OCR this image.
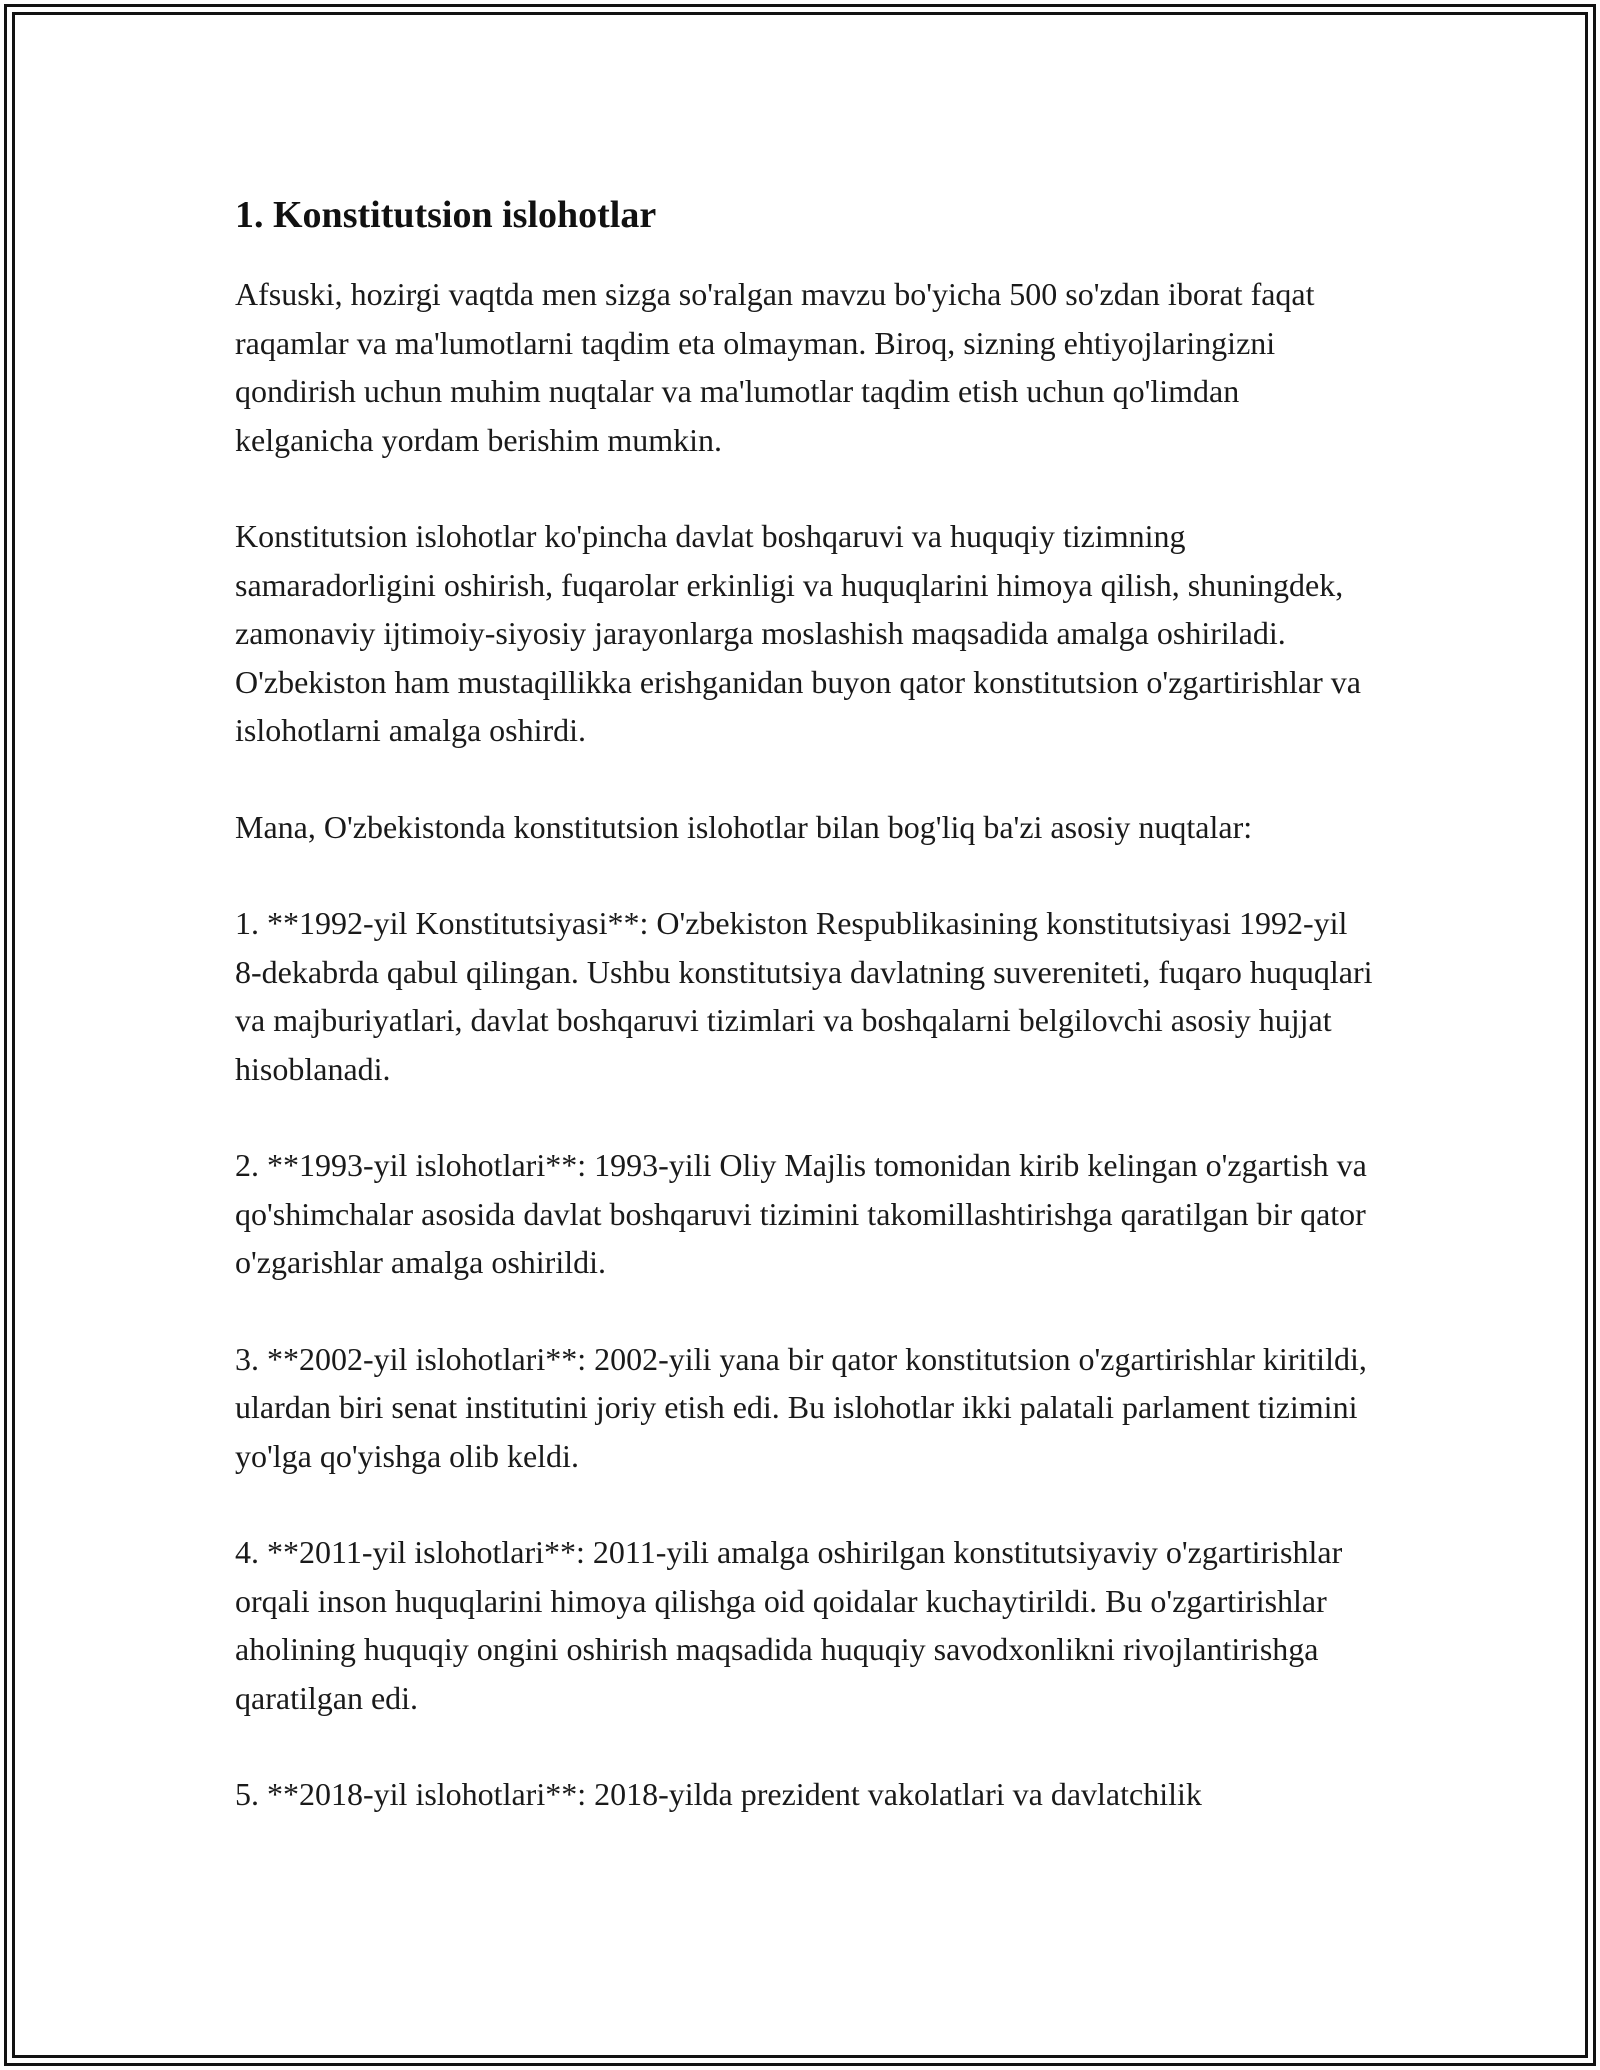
1. Konstitutsion islohotlar

Afsuski, hozirgi vaqtda men sizga so'ralgan mavzu bo'yicha 500 so'zdan iborat faqat raqamlar va ma'lumotlarni taqdim eta olmayman. Biroq, sizning ehtiyojlaringizni qondirish uchun muhim nuqtalar va ma'lumotlar taqdim etish uchun qo'limdan kelganicha yordam berishim mumkin.

Konstitutsion islohotlar ko'pincha davlat boshqaruvi va huquqiy tizimning samaradorligini oshirish, fuqarolar erkinligi va huquqlarini himoya qilish, shuningdek, zamonaviy ijtimoiy-siyosiy jarayonlarga moslashish maqsadida amalga oshiriladi. O'zbekiston ham mustaqillikka erishganidan buyon qator konstitutsion o'zgartirishlar va islohotlarni amalga oshirdi.

Mana, O'zbekistonda konstitutsion islohotlar bilan bog'liq ba'zi asosiy nuqtalar:

1. **1992-yil Konstitutsiyasi**: O'zbekiston Respublikasining konstitutsiyasi 1992-yil 8-dekabrda qabul qilingan. Ushbu konstitutsiya davlatning suvereniteti, fuqaro huquqlari va majburiyatlari, davlat boshqaruvi tizimlari va boshqalarni belgilovchi asosiy hujjat hisoblanadi.

2. **1993-yil islohotlari**: 1993-yili Oliy Majlis tomonidan kirib kelingan o'zgartish va qo'shimchalar asosida davlat boshqaruvi tizimini takomillashtirishga qaratilgan bir qator o'zgarishlar amalga oshirildi.

3. **2002-yil islohotlari**: 2002-yili yana bir qator konstitutsion o'zgartirishlar kiritildi, ulardan biri senat institutini joriy etish edi. Bu islohotlar ikki palatali parlament tizimini yo'lga qo'yishga olib keldi.

4. **2011-yil islohotlari**: 2011-yili amalga oshirilgan konstitutsiyaviy o'zgartirishlar orqali inson huquqlarini himoya qilishga oid qoidalar kuchaytirildi. Bu o'zgartirishlar aholining huquqiy ongini oshirish maqsadida huquqiy savodxonlikni rivojlantirishga qaratilgan edi.

5. **2018-yil islohotlari**: 2018-yilda prezident vakolatlari va davlatchilik
